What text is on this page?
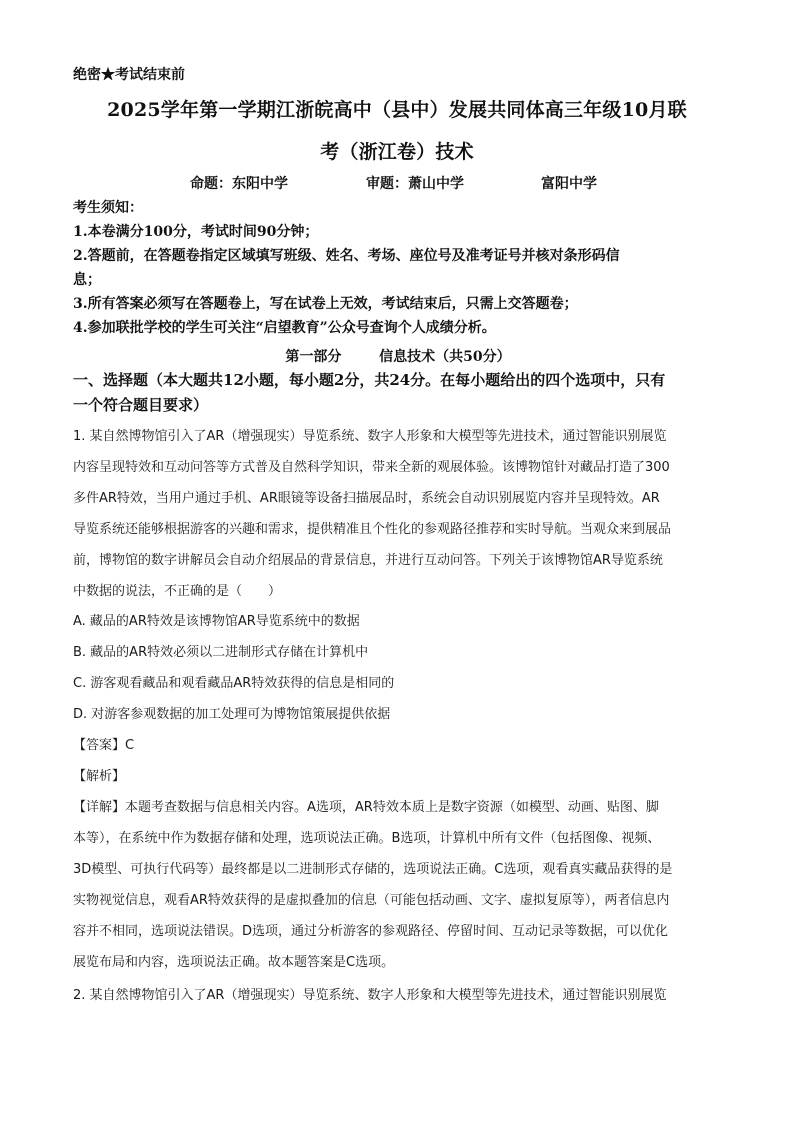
绝密★考试结束前
2025学年第一学期江浙皖高中（县中）发展共同体高三年级10月联
考（浙江卷）技术
命题：东阳中学	审题：萧山中学	富阳中学
考生须知：
1.本卷满分100分，考试时间90分钟；
2.答题前，在答题卷指定区域填写班级、姓名、考场、座位号及准考证号并核对条形码信
息；
3.所有答案必须写在答题卷上，写在试卷上无效，考试结束后，只需上交答题卷；
4.参加联批学校的学生可关注“启望教育”公众号查询个人成绩分析。
第一部分	信息技术（共50分）
一、选择题（本大题共12小题，每小题2分，共24分。在每小题给出的四个选项中，只有
一个符合题目要求）
1. 某自然博物馆引入了AR（增强现实）导览系统、数字人形象和大模型等先进技术，通过智能识别展览
内容呈现特效和互动问答等方式普及自然科学知识，带来全新的观展体验。该博物馆针对藏品打造了300
多件AR特效，当用户通过手机、AR眼镜等设备扫描展品时，系统会自动识别展览内容并呈现特效。AR
导览系统还能够根据游客的兴趣和需求，提供精准且个性化的参观路径推荐和实时导航。当观众来到展品
前，博物馆的数字讲解员会自动介绍展品的背景信息，并进行互动问答。下列关于该博物馆AR导览系统
中数据的说法，不正确的是（　　）
A. 藏品的AR特效是该博物馆AR导览系统中的数据
B. 藏品的AR特效必须以二进制形式存储在计算机中
C. 游客观看藏品和观看藏品AR特效获得的信息是相同的
D. 对游客参观数据的加工处理可为博物馆策展提供依据
【答案】C
【解析】
【详解】本题考查数据与信息相关内容。A选项，AR特效本质上是数字资源（如模型、动画、贴图、脚
本等），在系统中作为数据存储和处理，选项说法正确。B选项，计算机中所有文件（包括图像、视频、
3D模型、可执行代码等）最终都是以二进制形式存储的，选项说法正确。C选项，观看真实藏品获得的是
实物视觉信息，观看AR特效获得的是虚拟叠加的信息（可能包括动画、文字、虚拟复原等），两者信息内
容并不相同，选项说法错误。D选项，通过分析游客的参观路径、停留时间、互动记录等数据，可以优化
展览布局和内容，选项说法正确。故本题答案是C选项。
2. 某自然博物馆引入了AR（增强现实）导览系统、数字人形象和大模型等先进技术，通过智能识别展览
